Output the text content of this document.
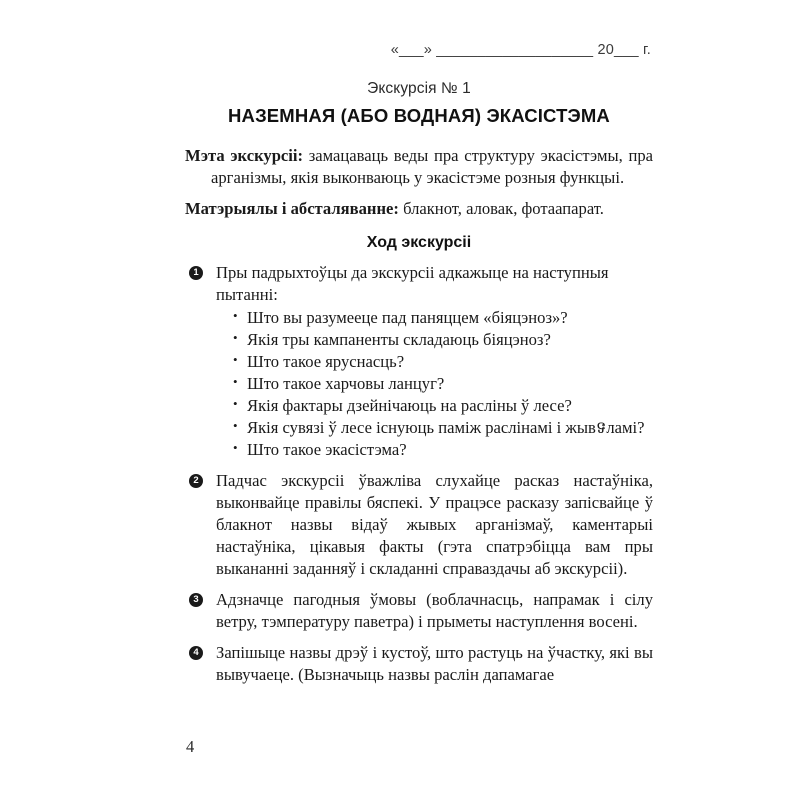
«___» ___________________ 20___ г.
Экскурсія № 1
НАЗЕМНАЯ (АБО ВОДНАЯ) ЭКАСІСТЭМА

Мэта экскурсіі: замацаваць веды пра структуру экасістэмы, пра арганізмы, якія выконваюць у экасістэме розныя функцыі.

Матэрыялы і абсталяванне: блакнот, аловак, фотаапарат.

Ход экскурсіі
1 Пры падрыхтоўцы да экскурсіі адкажыце на наступныя пытанні:
• Што вы разумееце пад паняццем «біяцэноз»?
• Якія тры кампаненты складаюць біяцэноз?
• Што такое яруснасць?
• Што такое харчовы ланцуг?
• Якія фактары дзейнічаюць на расліны ў лесе?
• Якія сувязі ў лесе існуюць паміж раслінамі і жывទламі?
• Што такое экасістэма?
2 Падчас экскурсіі ўважліва слухайце расказ настаўніка, выконвайце правілы бяспекі. У працэсе расказу запісвайце ў блакнот назвы відаў жывых арганізмаў, каментарыі настаўніка, цікавыя факты (гэта спатрэбіцца вам пры выкананні заданняў і складанні справаздачы аб экскурсіі).
3 Адзначце пагодныя ўмовы (воблачнасць, напрамак і сілу ветру, тэмпературу паветра) і прыметы наступлення восені.
4 Запішыце назвы дрэў і кустоў, што растуць на ўчастку, які вы вывучаеце. (Вызначыць назвы раслін дапамагае
4
